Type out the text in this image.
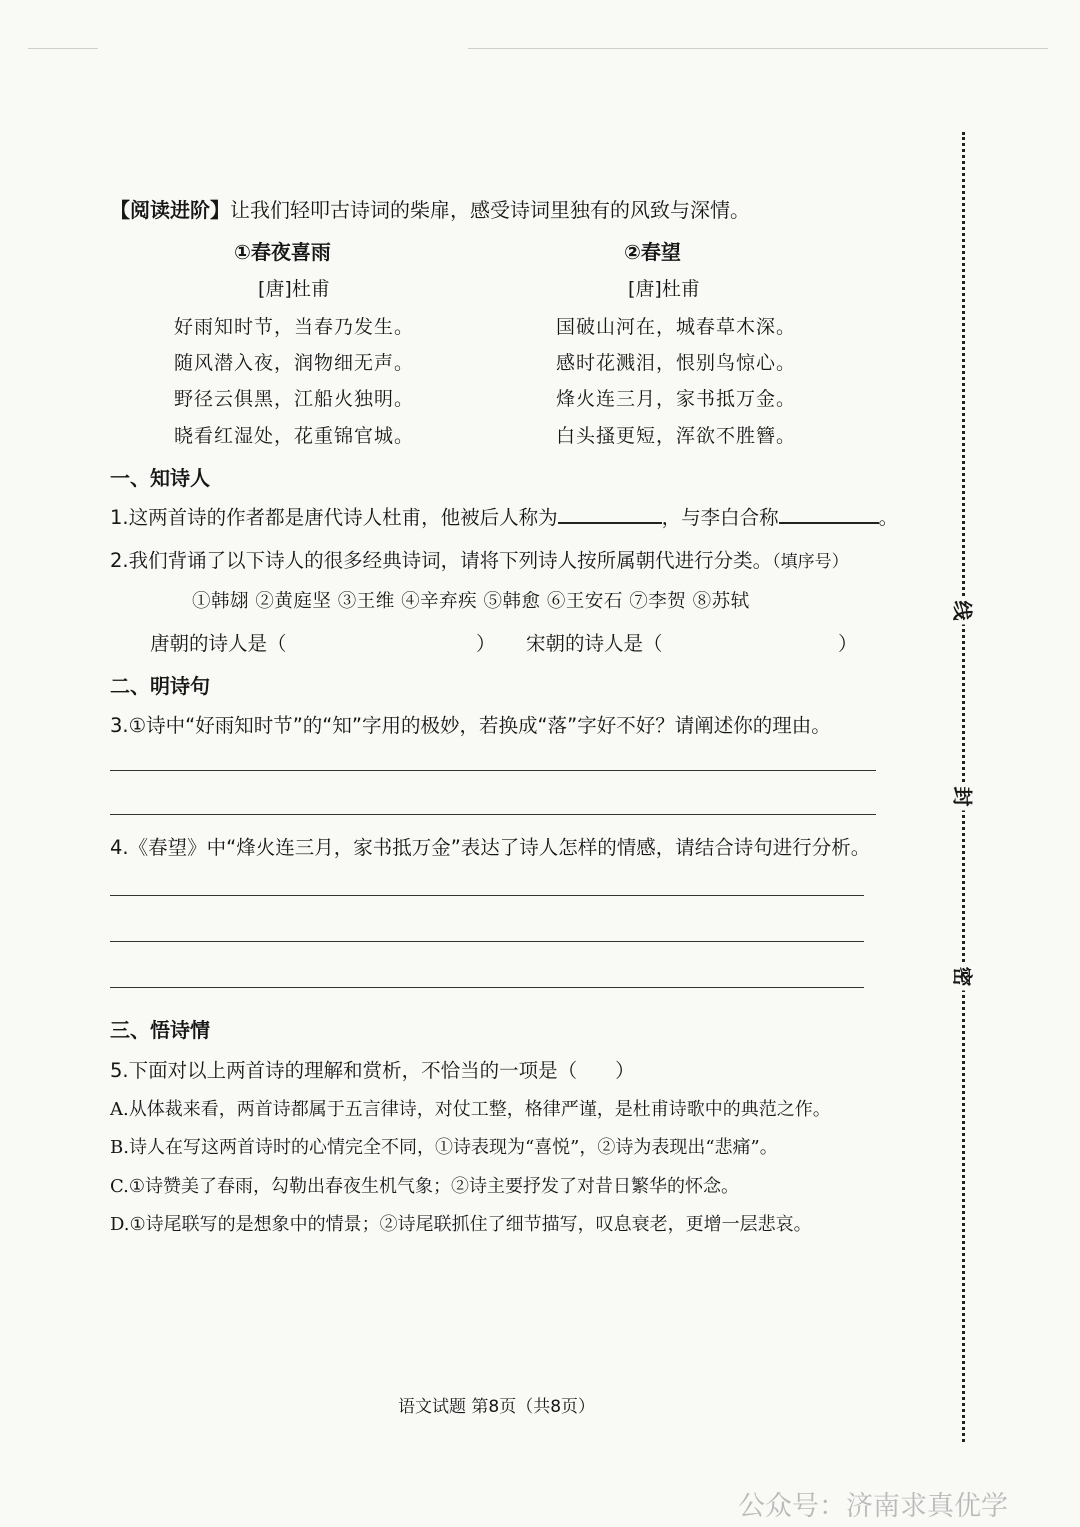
【阅读进阶】让我们轻叩古诗词的柴扉，感受诗词里独有的风致与深情。
①春夜喜雨
[唐]杜甫
好雨知时节，当春乃发生。
随风潜入夜，润物细无声。
野径云俱黑，江船火独明。
晓看红湿处，花重锦官城。
②春望
[唐]杜甫
国破山河在，城春草木深。
感时花溅泪，恨别鸟惊心。
烽火连三月，家书抵万金。
白头搔更短，浑欲不胜簪。
一、知诗人
1.这两首诗的作者都是唐代诗人杜甫，他被后人称为	，与李白合称	。
2.我们背诵了以下诗人的很多经典诗词，请将下列诗人按所属朝代进行分类。（填序号）
①韩翃 ②黄庭坚 ③王维 ④辛弃疾 ⑤韩愈 ⑥王安石 ⑦李贺 ⑧苏轼
唐朝的诗人是（	） 宋朝的诗人是（	）
二、明诗句
3.①诗中“好雨知时节”的“知”字用的极妙，若换成“落”字好不好？请阐述你的理由。
4.《春望》中“烽火连三月，家书抵万金”表达了诗人怎样的情感，请结合诗句进行分析。
三、悟诗情
5.下面对以上两首诗的理解和赏析，不恰当的一项是（ ）
A.从体裁来看，两首诗都属于五言律诗，对仗工整，格律严谨，是杜甫诗歌中的典范之作。
B.诗人在写这两首诗时的心情完全不同，①诗表现为“喜悦”，②诗为表现出“悲痛”。
C.①诗赞美了春雨，勾勒出春夜生机气象；②诗主要抒发了对昔日繁华的怀念。
D.①诗尾联写的是想象中的情景；②诗尾联抓住了细节描写，叹息衰老，更增一层悲哀。
线
封
密
语文试题 第8页（共8页）
公众号：济南求真优学
